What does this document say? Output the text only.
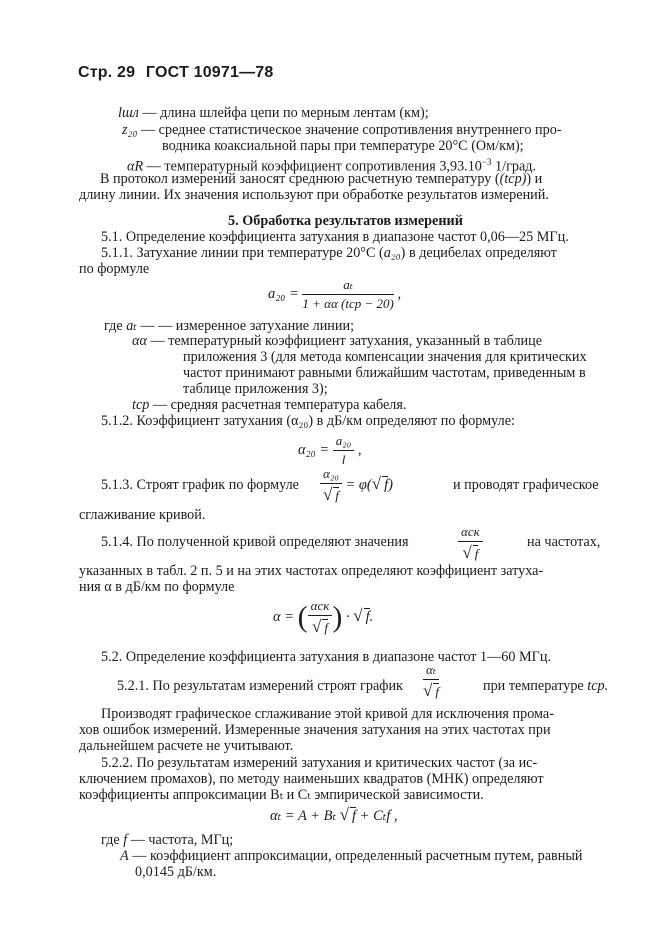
Стр. 29 ГОСТ 10971—78
lшл — длина шлейфа цепи по мерным лентам (км);
z₂₀ — среднее статистическое значение сопротивления внутреннего про-
водника коаксиальной пары при температуре 20°С (Ом/км);
αR — температурный коэффициент сопротивления $3,93.10^{-3}$ 1/град.
В протокол измерений заносят среднюю расчетную температуру ((tср)) и
длину линии. Их значения используют при обработке результатов измерений.
5. Обработка результатов измерений
5.1. Определение коэффициента затухания в диапазоне частот 0,06—25 МГц.
5.1.1. Затухание линии при температуре 20°С (a₂₀) в децибелах определяют
по формуле
a₂₀ =
aₜ
1 + αα (tср − 20)
,
где aₜ — — измеренное затухание линии;
αα — температурный коэффициент затухания, указанный в таблице
приложения 3 (для метода компенсации значения для критических
частот принимают равными ближайшим частотам, приведенным в
таблице приложения 3);
tср — средняя расчетная температура кабеля.
5.1.2. Коэффициент затухания (α₂₀) в дБ/км определяют по формуле:
$\alpha_{20} = \frac{\text{a₂₀}}{l}$ ,
5.1.3. Строят график по формуле $\frac{\text{α₂₀}}{√ f} = \varphi(√$ f)	и проводят графическое
сглаживание кривой.
5.1.4. По полученной кривой определяют значения
αск
√ f
на частотах,
указанных в табл. 2 п. 5 и на этих частотах определяют коэффициент затуха-
ния α в дБ/км по формуле
α = ( αск
√ f ) · √ f.
5.2. Определение коэффициента затухания в диапазоне частот 1—60 МГц.
5.2.1. По результатам измерений строят график $\frac{\text{αₜ}}{√ f}$	при температуре tср.
Производят графическое сглаживание этой кривой для исключения прома-
хов ошибок измерений. Измеренные значения затухания на этих частотах при
дальнейшем расчете не учитывают.
5.2.2. По результатам измерений затухания и критических частот (за ис-
ключением промахов), по методу наименьших квадратов (МНК) определяют
коэффициенты аппроксимации Bₜ и Cₜ эмпирической зависимости.
αₜ = A + Bₜ √ f + Cₜf ,
где f — частота, МГц;
A — коэффициент аппроксимации, определенный расчетным путем, равный
0,0145 дБ/км.
